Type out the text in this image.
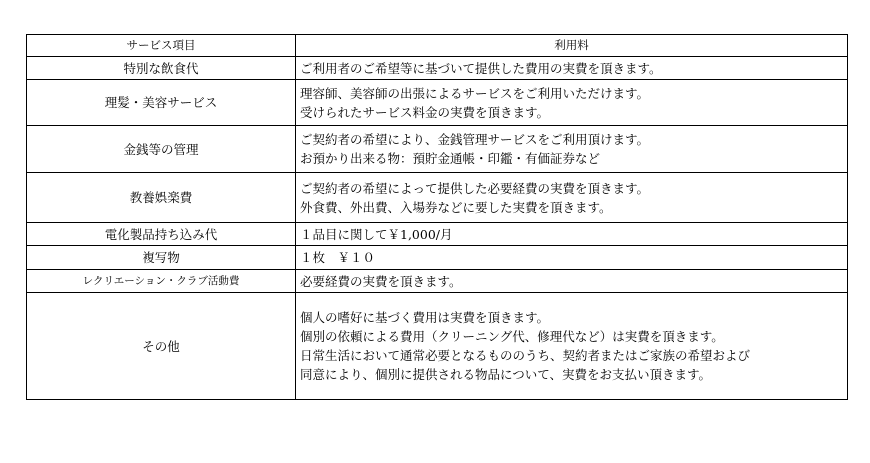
サービス項目	利用料
特別な飲食代	ご利用者のご希望等に基づいて提供した費用の実費を頂きます。

理髪・美容サービス	理容師、美容師の出張によるサービスをご利用いただけます。
受けられたサービス料金の実費を頂きます。

金銭等の管理	ご契約者の希望により、金銭管理サービスをご利用頂けます。
お預かり出来る物：預貯金通帳・印鑑・有価証券など

教養娯楽費	ご契約者の希望によって提供した必要経費の実費を頂きます。
外食費、外出費、入場券などに要した実費を頂きます。

電化製品持ち込み代	１品目に関して￥1,000/月

複写物	１枚　￥１０

レクリエーション・クラブ活動費	必要経費の実費を頂きます。

その他	個人の嗜好に基づく費用は実費を頂きます。
個別の依頼による費用（クリーニング代、修理代など）は実費を頂きます。
日常生活において通常必要となるもののうち、契約者またはご家族の希望および
同意により、個別に提供される物品について、実費をお支払い頂きます。
